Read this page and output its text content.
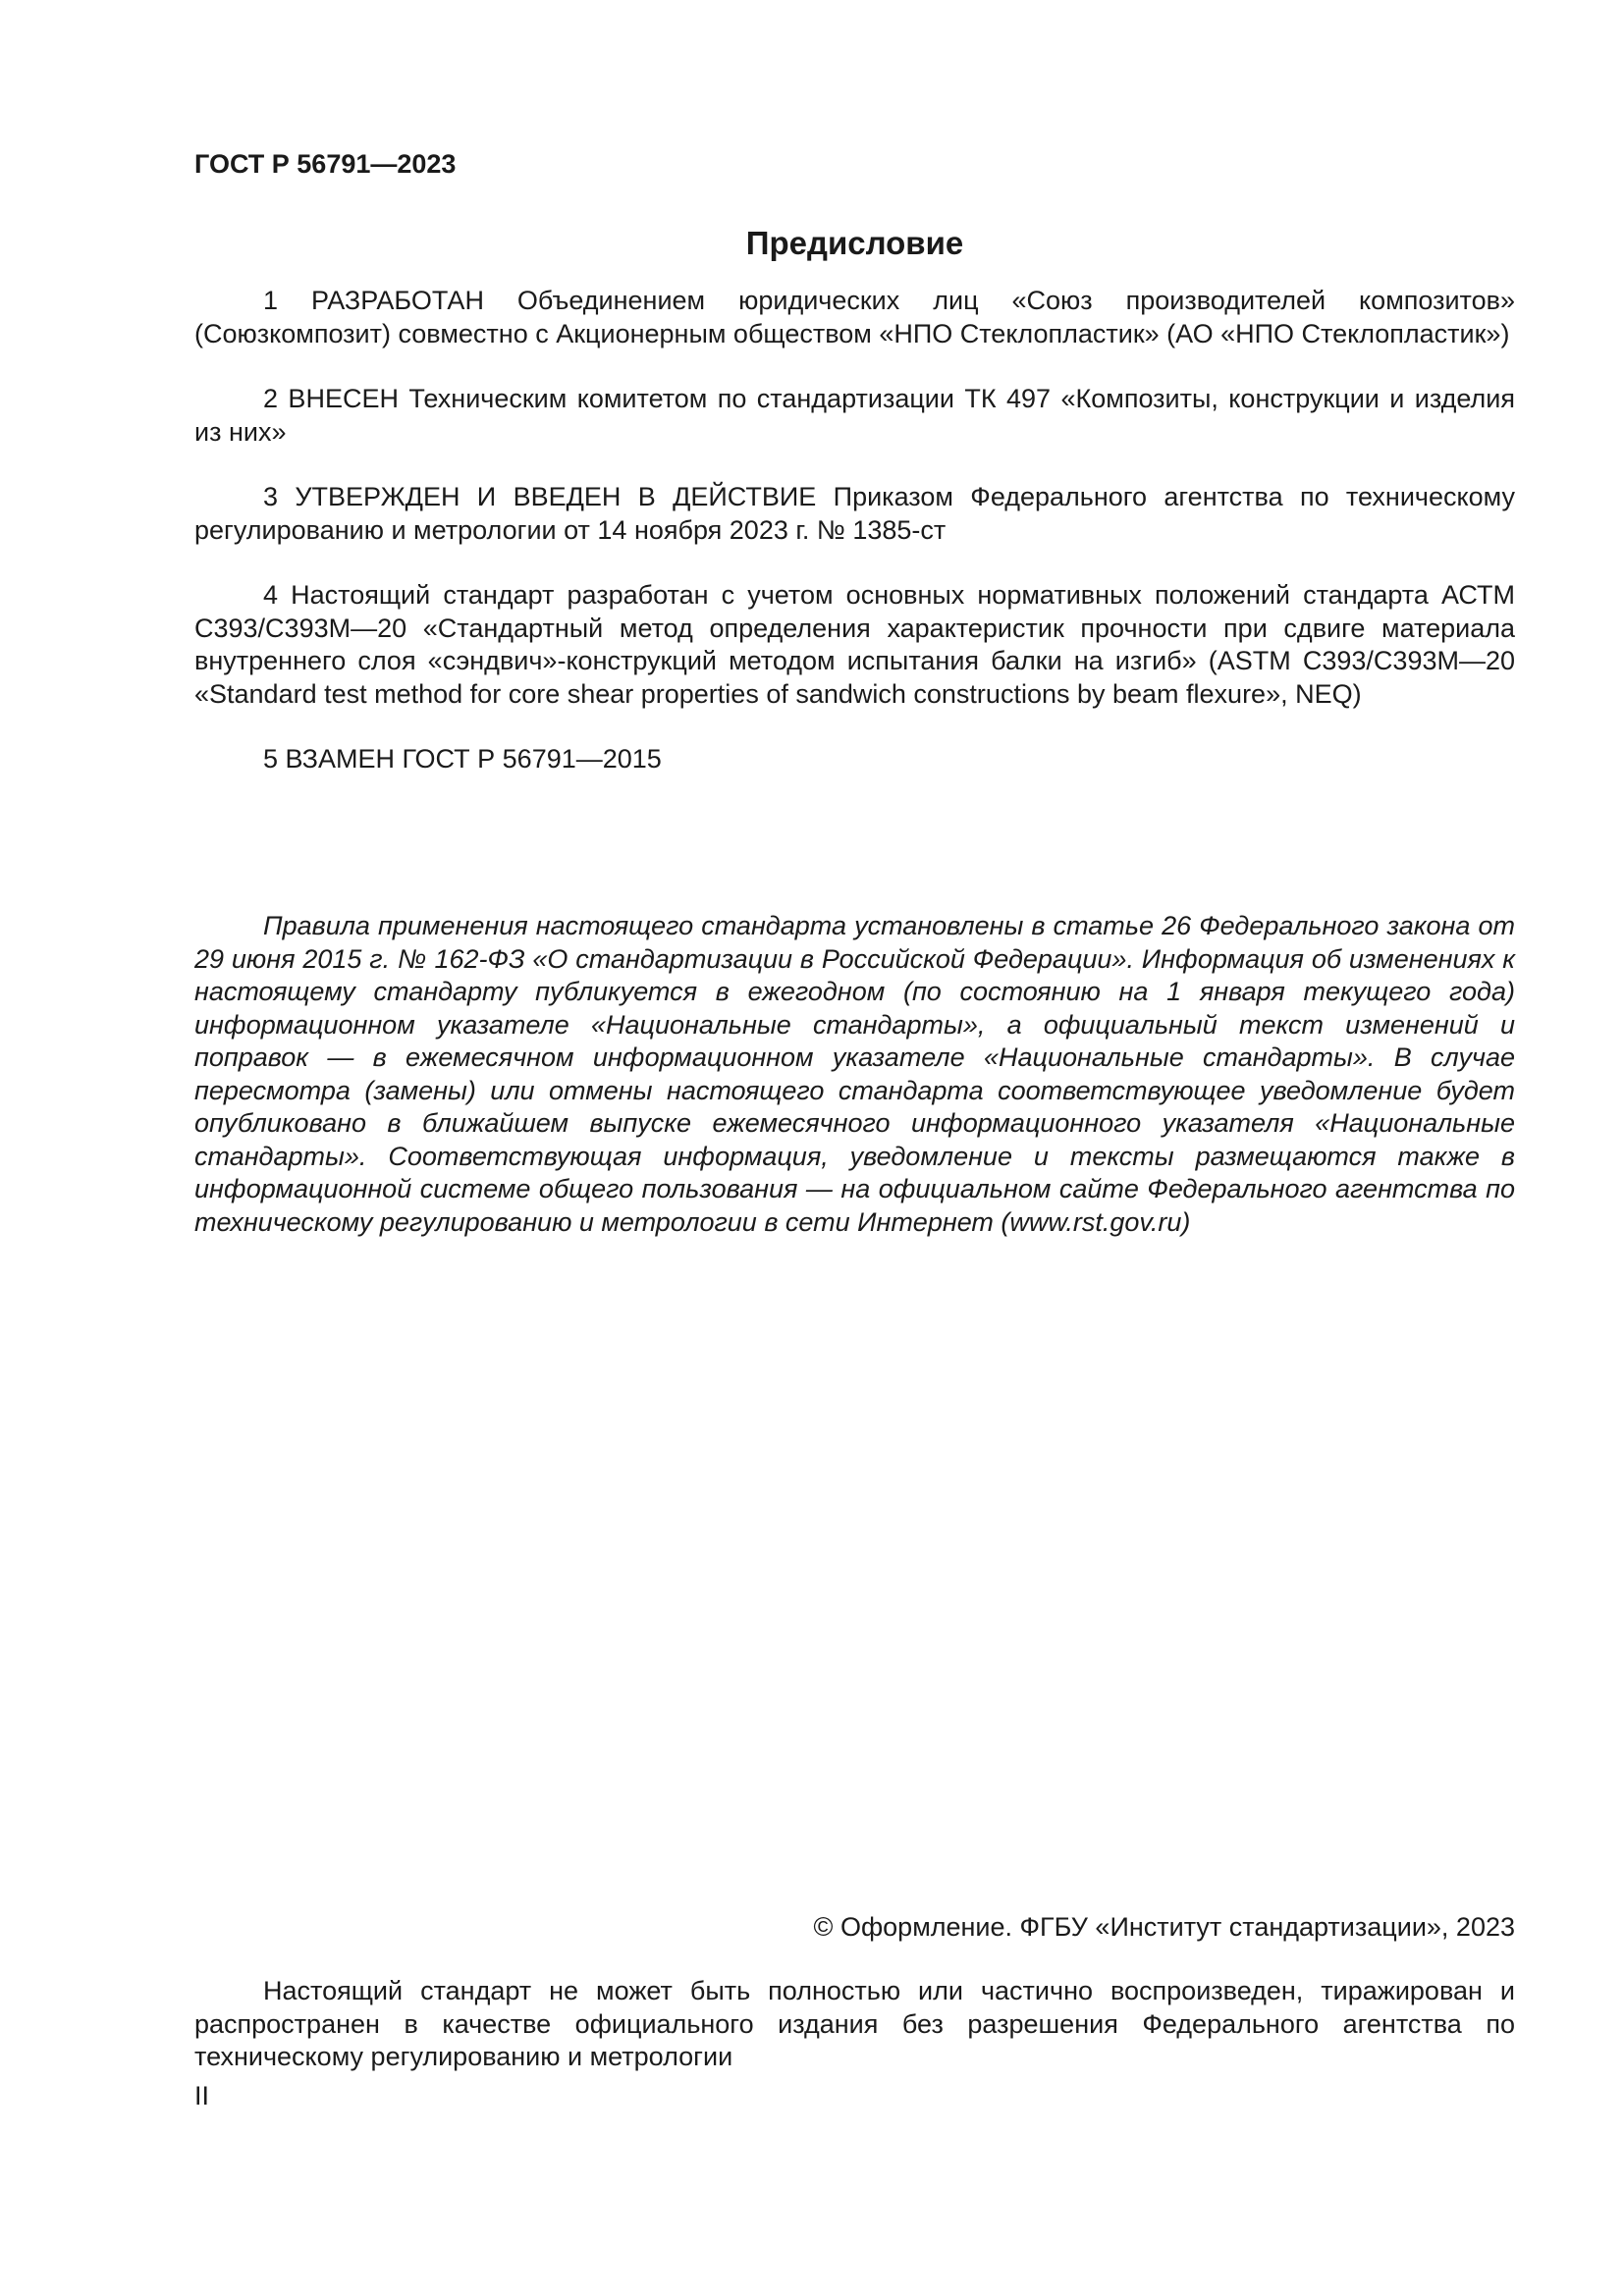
ГОСТ Р 56791—2023
Предисловие

1 РАЗРАБОТАН Объединением юридических лиц «Союз производителей композитов» (Союзкомпозит) совместно с Акционерным обществом «НПО Стеклопластик» (АО «НПО Стеклопластик»)

2 ВНЕСЕН Техническим комитетом по стандартизации ТК 497 «Композиты, конструкции и изделия из них»

3 УТВЕРЖДЕН И ВВЕДЕН В ДЕЙСТВИЕ Приказом Федерального агентства по техническому регулированию и метрологии от 14 ноября 2023 г. № 1385-ст

4 Настоящий стандарт разработан с учетом основных нормативных положений стандарта АСТМ С393/С393М—20 «Стандартный метод определения характеристик прочности при сдвиге материала внутреннего слоя «сэндвич»-конструкций методом испытания балки на изгиб» (ASTM C393/C393M—20 «Standard test method for core shear properties of sandwich constructions by beam flexure», NEQ)

5 ВЗАМЕН ГОСТ Р 56791—2015

Правила применения настоящего стандарта установлены в статье 26 Федерального закона от 29 июня 2015 г. № 162-ФЗ «О стандартизации в Российской Федерации». Информация об изменениях к настоящему стандарту публикуется в ежегодном (по состоянию на 1 января текущего года) информационном указателе «Национальные стандарты», а официальный текст изменений и поправок — в ежемесячном информационном указателе «Национальные стандарты». В случае пересмотра (замены) или отмены настоящего стандарта соответствующее уведомление будет опубликовано в ближайшем выпуске ежемесячного информационного указателя «Национальные стандарты». Соответствующая информация, уведомление и тексты размещаются также в информационной системе общего пользования — на официальном сайте Федерального агентства по техническому регулированию и метрологии в сети Интернет (www.rst.gov.ru)

© Оформление. ФГБУ «Институт стандартизации», 2023

Настоящий стандарт не может быть полностью или частично воспроизведен, тиражирован и распространен в качестве официального издания без разрешения Федерального агентства по техническому регулированию и метрологии

II
